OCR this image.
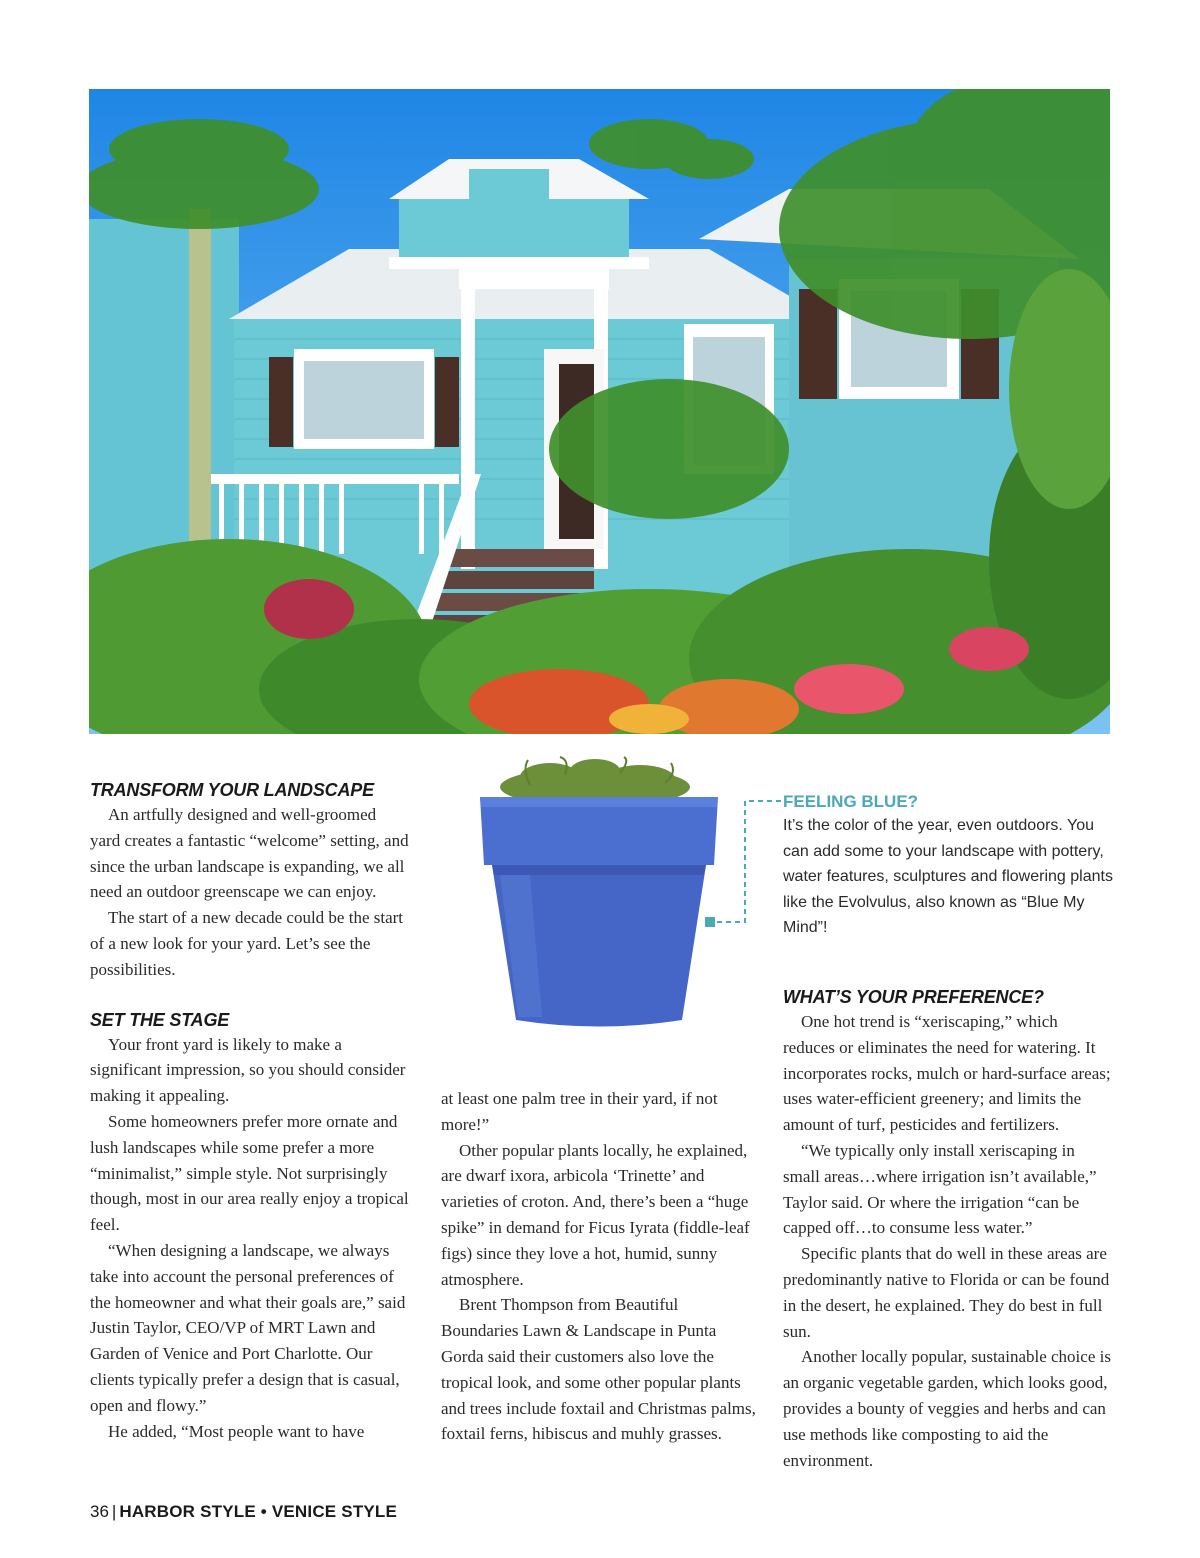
TRANSFORM YOUR LANDSCAPE

An artfully designed and well-groomed yard creates a fantastic “welcome” setting, and since the urban landscape is expanding, we all need an outdoor greenscape we can enjoy.

The start of a new decade could be the start of a new look for your yard. Let’s see the possibilities.

SET THE STAGE

Your front yard is likely to make a significant impression, so you should consider making it appealing.

Some homeowners prefer more ornate and lush landscapes while some prefer a more “minimalist,” simple style. Not surprisingly though, most in our area really enjoy a tropical feel.

“When designing a landscape, we always take into account the personal preferences of the homeowner and what their goals are,” said Justin Taylor, CEO/VP of MRT Lawn and Garden of Venice and Port Charlotte. Our clients typically prefer a design that is casual, open and flowy.”

He added, “Most people want to have

FEELING BLUE?

It’s the color of the year, even outdoors. You can add some to your landscape with pottery, water features, sculptures and flowering plants like the Evolvulus, also known as “Blue My Mind”!

at least one palm tree in their yard, if not more!”

Other popular plants locally, he explained, are dwarf ixora, arbicola ‘Trinette’ and varieties of croton. And, there’s been a “huge spike” in demand for Ficus Iyrata (fiddle-leaf figs) since they love a hot, humid, sunny atmosphere.

Brent Thompson from Beautiful Boundaries Lawn & Landscape in Punta Gorda said their customers also love the tropical look, and some other popular plants and trees include foxtail and Christmas palms, foxtail ferns, hibiscus and muhly grasses.

WHAT’S YOUR PREFERENCE?

One hot trend is “xeriscaping,” which reduces or eliminates the need for watering. It incorporates rocks, mulch or hard-surface areas; uses water-efficient greenery; and limits the amount of turf, pesticides and fertilizers.

“We typically only install xeriscaping in small areas…where irrigation isn’t available,” Taylor said. Or where the irrigation “can be capped off…to consume less water.”

Specific plants that do well in these areas are predominantly native to Florida or can be found in the desert, he explained. They do best in full sun.

Another locally popular, sustainable choice is an organic vegetable garden, which looks good, provides a bounty of veggies and herbs and can use methods like composting to aid the environment.

36 | HARBOR STYLE • VENICE STYLE
